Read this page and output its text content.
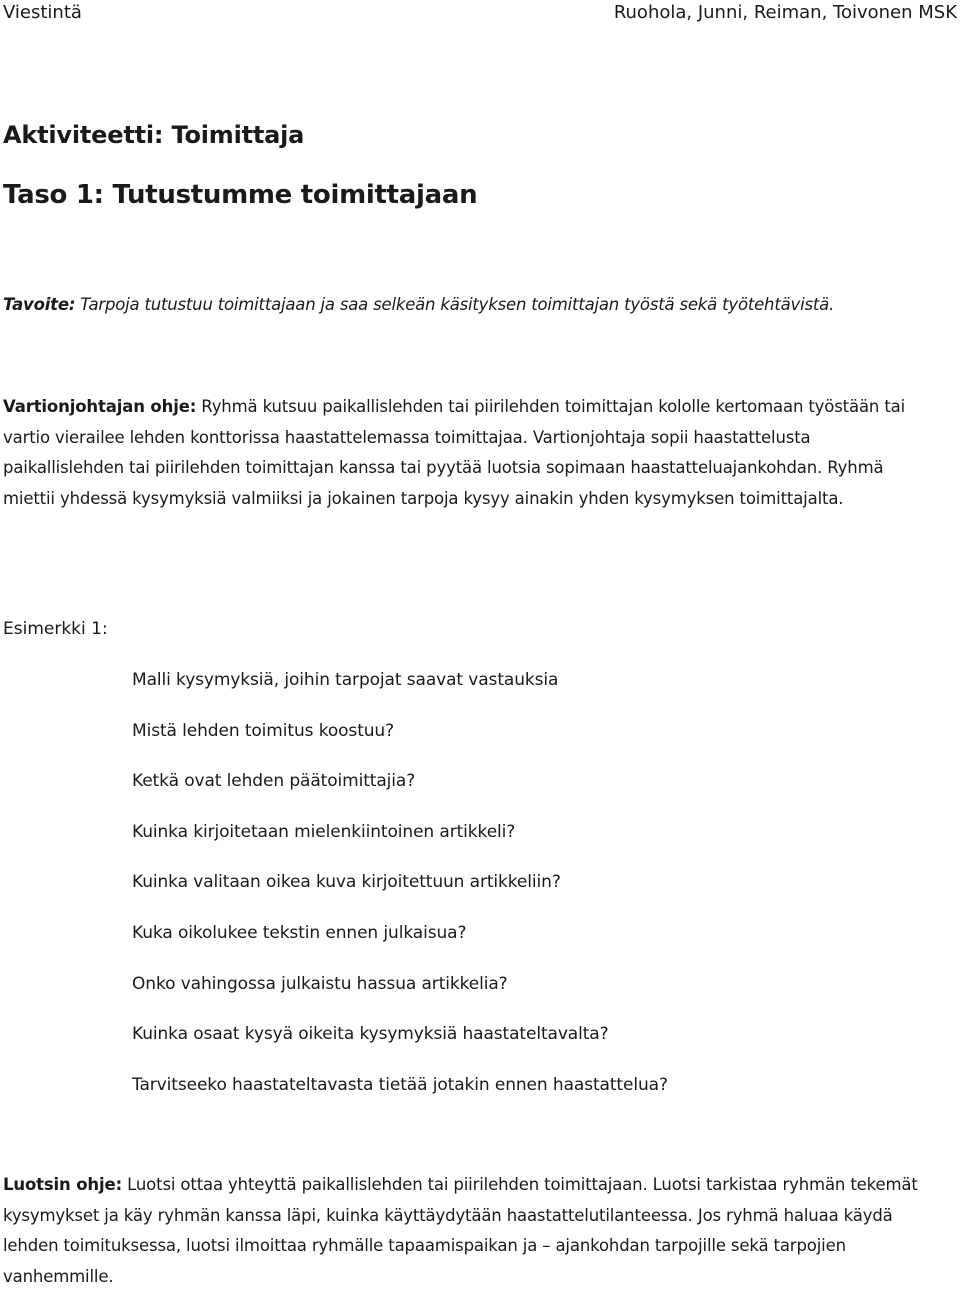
Viestintä	Ruohola, Junni, Reiman, Toivonen MSK
Aktiviteetti: Toimittaja
Taso 1: Tutustumme toimittajaan
Tavoite: Tarpoja tutustuu toimittajaan ja saa selkeän käsityksen toimittajan työstä sekä työtehtävistä.
Vartionjohtajan ohje: Ryhmä kutsuu paikallislehden tai piirilehden toimittajan kololle kertomaan työstään tai vartio vierailee lehden konttorissa haastattelemassa toimittajaa. Vartionjohtaja sopii haastattelusta paikallislehden tai piirilehden toimittajan kanssa tai pyytää luotsia sopimaan haastatteluajankohdan. Ryhmä miettii yhdessä kysymyksiä valmiiksi ja jokainen tarpoja kysyy ainakin yhden kysymyksen toimittajalta.
Esimerkki 1:
Malli kysymyksiä, joihin tarpojat saavat vastauksia
Mistä lehden toimitus koostuu?
Ketkä ovat lehden päätoimittajia?
Kuinka kirjoitetaan mielenkiintoinen artikkeli?
Kuinka valitaan oikea kuva kirjoitettuun artikkeliin?
Kuka oikolukee tekstin ennen julkaisua?
Onko vahingossa julkaistu hassua artikkelia?
Kuinka osaat kysyä oikeita kysymyksiä haastateltavalta?
Tarvitseeko haastateltavasta tietää jotakin ennen haastattelua?
Luotsin ohje: Luotsi ottaa yhteyttä paikallislehden tai piirilehden toimittajaan. Luotsi tarkistaa ryhmän tekemät kysymykset ja käy ryhmän kanssa läpi, kuinka käyttäydytään haastattelutilanteessa. Jos ryhmä haluaa käydä lehden toimituksessa, luotsi ilmoittaa ryhmälle tapaamispaikan ja – ajankohdan tarpojille sekä tarpojien vanhemmille.
